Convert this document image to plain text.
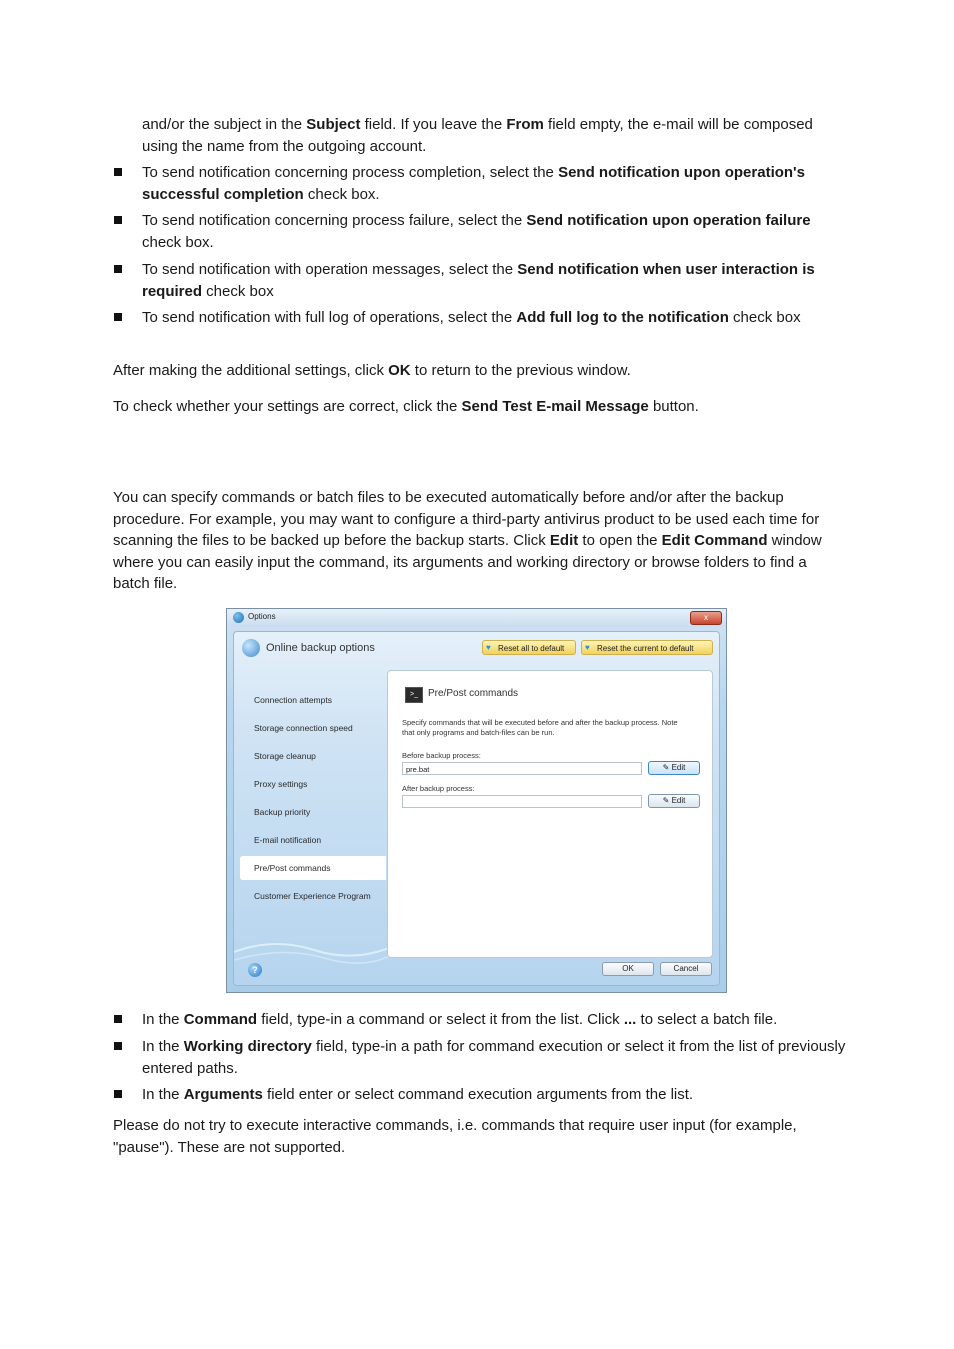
and/or the subject in the Subject field. If you leave the From field empty, the e-mail will be composed using the name from the outgoing account.
To send notification concerning process completion, select the Send notification upon operation's successful completion check box.
To send notification concerning process failure, select the Send notification upon operation failure check box.
To send notification with operation messages, select the Send notification when user interaction is required check box
To send notification with full log of operations, select the Add full log to the notification check box
After making the additional settings, click OK to return to the previous window.
To check whether your settings are correct, click the Send Test E-mail Message button.
You can specify commands or batch files to be executed automatically before and/or after the backup procedure. For example, you may want to configure a third-party antivirus product to be used each time for scanning the files to be backed up before the backup starts. Click Edit to open the Edit Command window where you can easily input the command, its arguments and working directory or browse folders to find a batch file.
Options	x
Online backup options	♥ Reset all to default	♥ Reset the current to default
Connection attempts
Storage connection speed
Storage cleanup
Proxy settings
Backup priority
E-mail notification
Pre/Post commands
Customer Experience Program
>_	Pre/Post commands
Specify commands that will be executed before and after the backup process. Note that only programs and batch-files can be run.
Before backup process:
pre.bat	✎ Edit
After backup process:
✎ Edit
?	OK	Cancel
In the Command field, type-in a command or select it from the list. Click ... to select a batch file.
In the Working directory field, type-in a path for command execution or select it from the list of previously entered paths.
In the Arguments field enter or select command execution arguments from the list.
Please do not try to execute interactive commands, i.e. commands that require user input (for example, "pause"). These are not supported.
